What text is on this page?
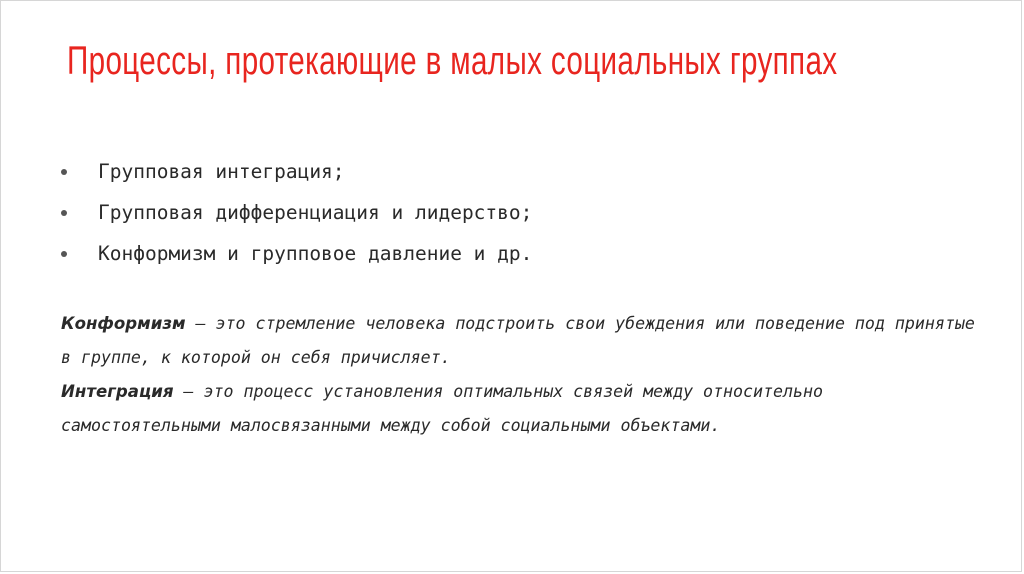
Процессы, протекающие в малых социальных группах
Групповая интеграция;
Групповая дифференциация и лидерство;
Конформизм и групповое давление и др.

Конформизм – это стремление человека подстроить свои убеждения или поведение под принятые в группе, к которой он себя причисляет.

Интеграция – это процесс установления оптимальных связей между относительно самостоятельными малосвязанными между собой социальными объектами.
